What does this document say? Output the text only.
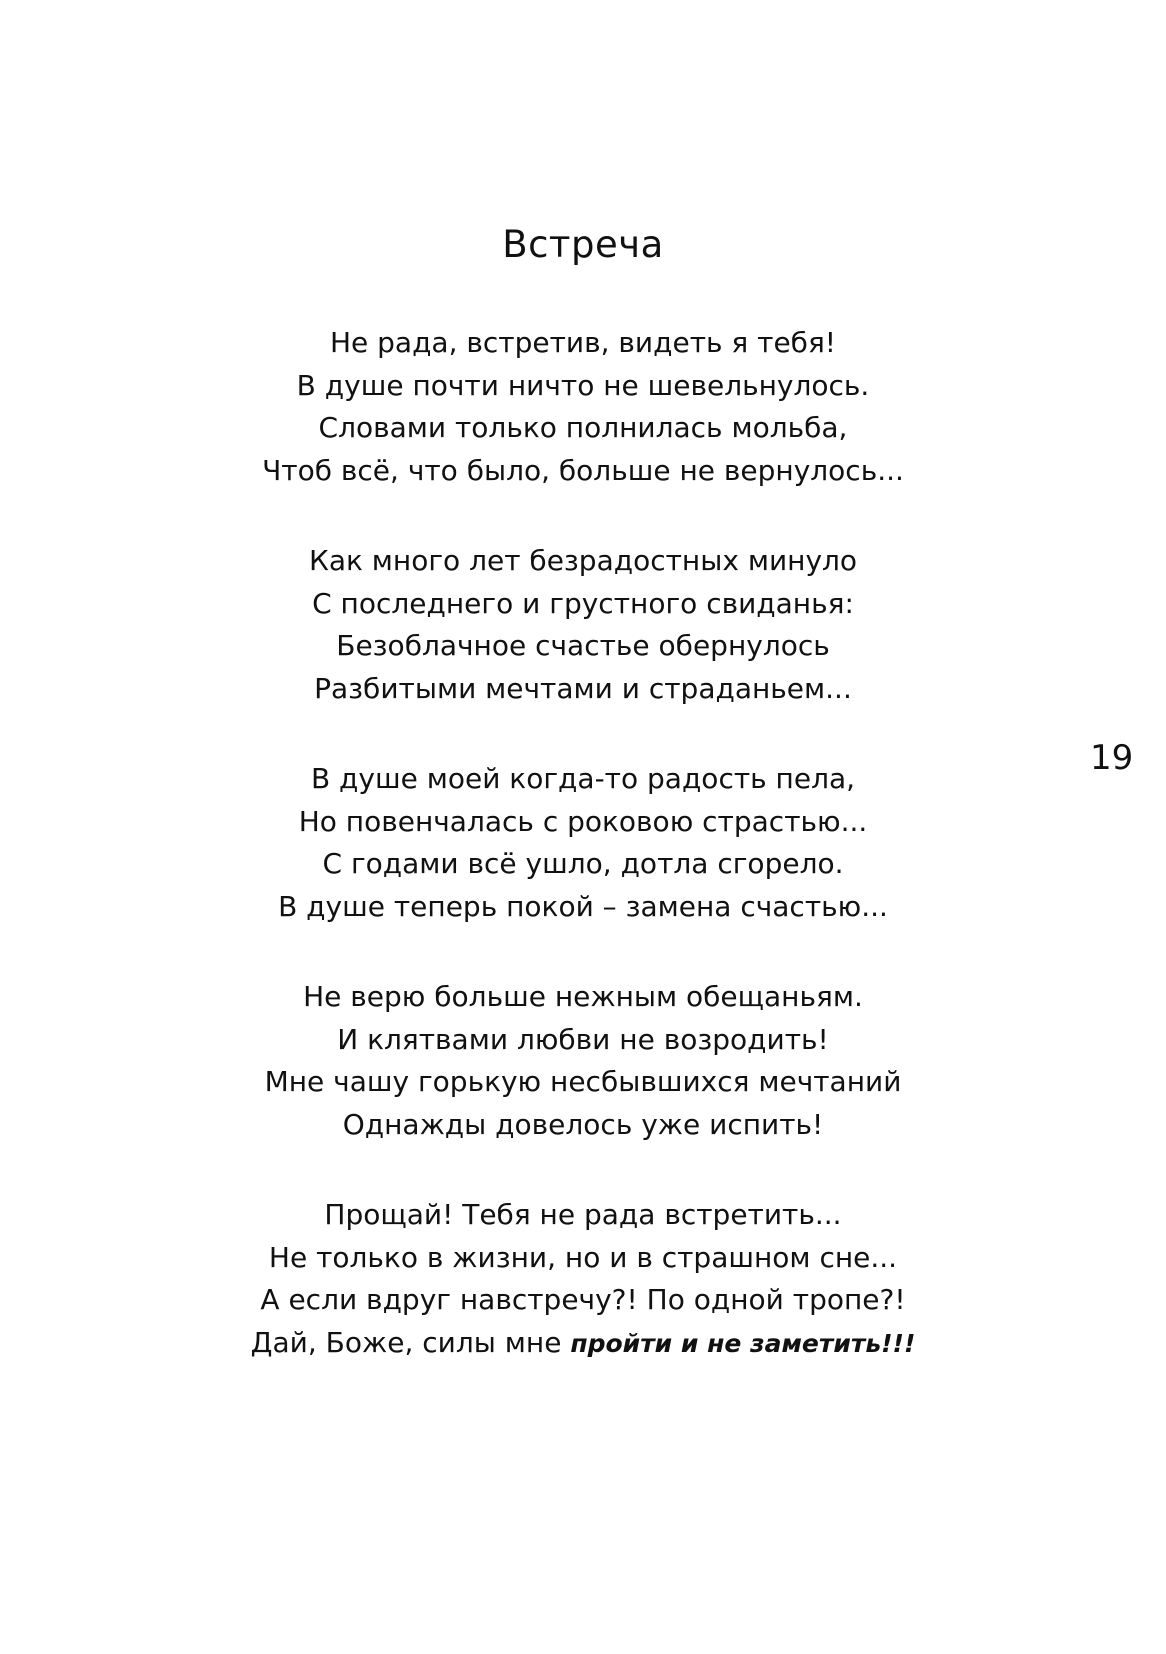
Встреча
Не рада, встретив, видеть я тебя!
В душе почти ничто не шевельнулось.
Словами только полнилась мольба,
Чтоб всё, что было, больше не вернулось...
Как много лет безрадостных минуло
С последнего и грустного свиданья:
Безоблачное счастье обернулось
Разбитыми мечтами и страданьем...
В душе моей когда-то радость пела,
Но повенчалась с роковою страстью...
С годами всё ушло, дотла сгорело.
В душе теперь покой – замена счастью...
Не верю больше нежным обещаньям.
И клятвами любви не возродить!
Мне чашу горькую несбывшихся мечтаний
Однажды довелось уже испить!
Прощай! Тебя не рада встретить...
Не только в жизни, но и в страшном сне...
А если вдруг навстречу?! По одной тропе?!
Дай, Боже, силы мне пройти и не заметить!!!
19
